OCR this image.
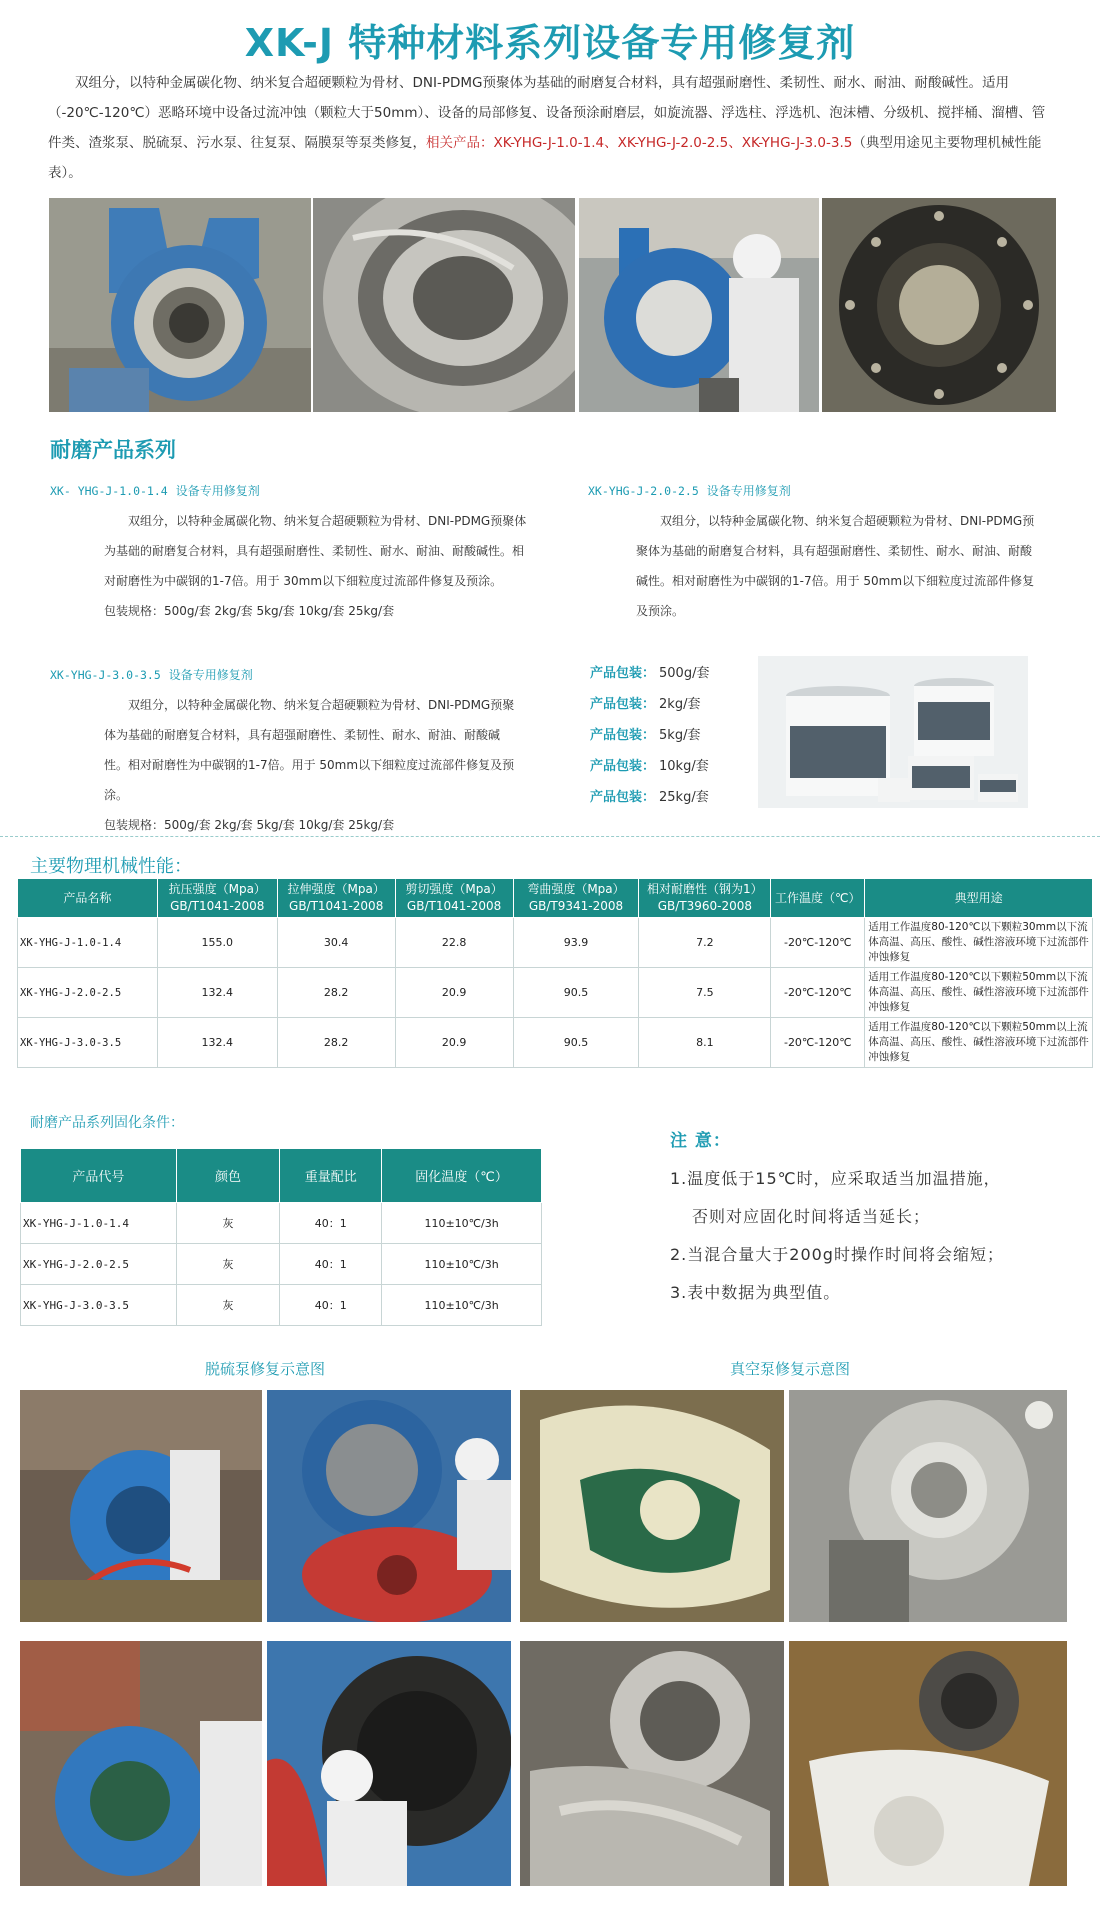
XK-J 特种材料系列设备专用修复剂

双组分，以特种金属碳化物、纳米复合超硬颗粒为骨材、DNI-PDMG预聚体为基础的耐磨复合材料，具有超强耐磨性、柔韧性、耐水、耐油、耐酸碱性。适用（-20℃-120℃）恶略环境中设备过流冲蚀（颗粒大于50mm）、设备的局部修复、设备预涂耐磨层，如旋流器、浮选柱、浮选机、泡沫槽、分级机、搅拌桶、溜槽、管件类、渣浆泵、脱硫泵、污水泵、往复泵、隔膜泵等泵类修复，相关产品：XK-YHG-J-1.0-1.4、XK-YHG-J-2.0-2.5、XK-YHG-J-3.0-3.5（典型用途见主要物理机械性能表）。

耐磨产品系列
XK- YHG-J-1.0-1.4 设备专用修复剂

双组分，以特种金属碳化物、纳米复合超硬颗粒为骨材、DNI-PDMG预聚体为基础的耐磨复合材料，具有超强耐磨性、柔韧性、耐水、耐油、耐酸碱性。相对耐磨性为中碳钢的1-7倍。用于 30mm以下细粒度过流部件修复及预涂。

包装规格：500g/套 2kg/套 5kg/套 10kg/套 25kg/套

XK-YHG-J-2.0-2.5 设备专用修复剂

双组分，以特种金属碳化物、纳米复合超硬颗粒为骨材、DNI-PDMG预聚体为基础的耐磨复合材料，具有超强耐磨性、柔韧性、耐水、耐油、耐酸碱性。相对耐磨性为中碳钢的1-7倍。用于 50mm以下细粒度过流部件修复及预涂。

XK-YHG-J-3.0-3.5 设备专用修复剂

双组分，以特种金属碳化物、纳米复合超硬颗粒为骨材、DNI-PDMG预聚体为基础的耐磨复合材料，具有超强耐磨性、柔韧性、耐水、耐油、耐酸碱性。相对耐磨性为中碳钢的1-7倍。用于 50mm以下细粒度过流部件修复及预涂。

包装规格：500g/套 2kg/套 5kg/套 10kg/套 25kg/套

产品包装： 500g/套
产品包装： 2kg/套
产品包装： 5kg/套
产品包装： 10kg/套
产品包装： 25kg/套
主要物理机械性能：
产品名称	抗压强度（Mpa）GB/T1041-2008	拉伸强度（Mpa）GB/T1041-2008	剪切强度（Mpa）GB/T1041-2008	弯曲强度（Mpa）GB/T9341-2008	相对耐磨性（钢为1）GB/T3960-2008	工作温度（℃）	典型用途
XK-YHG-J-1.0-1.4	155.0	30.4	22.8	93.9	7.2	-20℃-120℃	适用工作温度80-120℃以下颗粒30mm以下流体高温、高压、酸性、碱性溶液环境下过流部件冲蚀修复
XK-YHG-J-2.0-2.5	132.4	28.2	20.9	90.5	7.5	-20℃-120℃	适用工作温度80-120℃以下颗粒50mm以下流体高温、高压、酸性、碱性溶液环境下过流部件冲蚀修复
XK-YHG-J-3.0-3.5	132.4	28.2	20.9	90.5	8.1	-20℃-120℃	适用工作温度80-120℃以下颗粒50mm以上流体高温、高压、酸性、碱性溶液环境下过流部件冲蚀修复
耐磨产品系列固化条件：
产品代号	颜色	重量配比	固化温度（℃）
XK-YHG-J-1.0-1.4	灰	40：1	110±10℃/3h
XK-YHG-J-2.0-2.5	灰	40：1	110±10℃/3h
XK-YHG-J-3.0-3.5	灰	40：1	110±10℃/3h
注 意：
1.温度低于15℃时，应采取适当加温措施，
否则对应固化时间将适当延长；
2.当混合量大于200g时操作时间将会缩短；
3.表中数据为典型值。
脱硫泵修复示意图	真空泵修复示意图
